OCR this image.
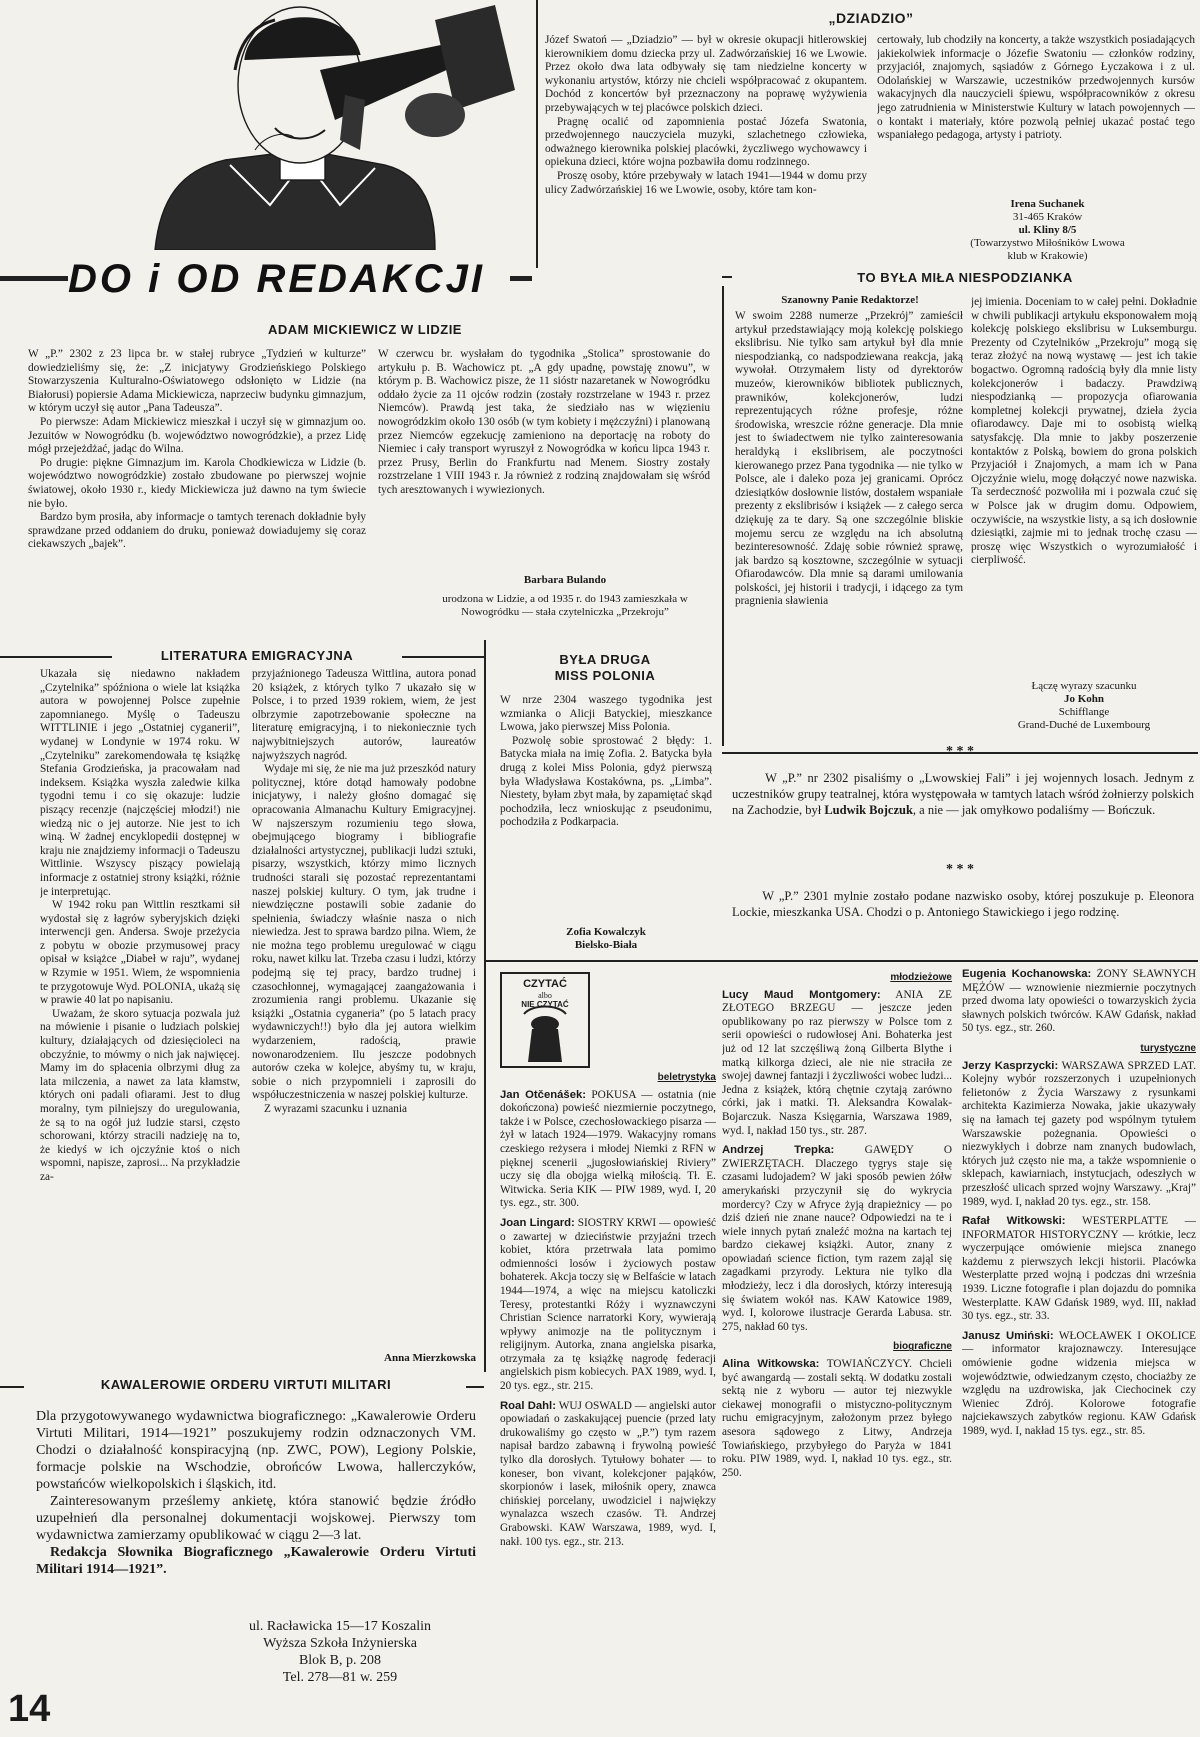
„DZIADZIO”

Józef Swatoń — „Dziadzio” — był w okresie okupacji hitlerowskiej kierownikiem domu dziecka przy ul. Zadwórzańskiej 16 we Lwowie. Przez około dwa lata odbywały się tam niedzielne koncerty w wykonaniu artystów, którzy nie chcieli współpracować z okupantem. Dochód z koncertów był przeznaczony na poprawę wyżywienia przebywających w tej placówce polskich dzieci.

Pragnę ocalić od zapomnienia postać Józefa Swatonia, przedwojennego nauczyciela muzyki, szlachetnego człowieka, odważnego kierownika polskiej placówki, życzliwego wychowawcy i opiekuna dzieci, które wojna pozbawiła domu rodzinnego.

Proszę osoby, które przebywały w latach 1941—1944 w domu przy ulicy Zadwórzańskiej 16 we Lwowie, osoby, które tam kon-

certowały, lub chodziły na koncerty, a także wszystkich posiadających jakiekolwiek informacje o Józefie Swatoniu — członków rodziny, przyjaciół, znajomych, sąsiadów z Górnego Łyczakowa i z ul. Odolańskiej w Warszawie, uczestników przedwojennych kursów wakacyjnych dla nauczycieli śpiewu, współpracowników z okresu jego zatrudnienia w Ministerstwie Kultury w latach powojennych — o kontakt i materiały, które pozwolą pełniej ukazać postać tego wspaniałego pedagoga, artysty i patrioty.

Irena Suchanek
31-465 Kraków
ul. Kliny 8/5
(Towarzystwo Miłośników Lwowa
klub w Krakowie)
DO i OD REDAKCJI	TO BYŁA MIŁA NIESPODZIANKA
Szanowny Panie Redaktorze!

W swoim 2288 numerze „Przekrój” zamieścił artykuł przedstawiający moją kolekcję polskiego ekslibrisu. Nie tylko sam artykuł był dla mnie niespodzianką, co nadspodziewana reakcja, jaką wywołał. Otrzymałem listy od dyrektorów muzeów, kierowników bibliotek publicznych, prawników, kolekcjonerów, ludzi reprezentujących różne profesje, różne środowiska, wreszcie różne generacje. Dla mnie jest to świadectwem nie tylko zainteresowania heraldyką i ekslibrisem, ale poczytności kierowanego przez Pana tygodnika — nie tylko w Polsce, ale i daleko poza jej granicami. Oprócz dziesiątków dosłownie listów, dostałem wspaniałe prezenty z ekslibrisów i książek — z całego serca dziękuję za te dary. Są one szczególnie bliskie mojemu sercu ze względu na ich absolutną bezinteresowność. Zdaję sobie również sprawę, jak bardzo są kosztowne, szczególnie w sytuacji Ofiarodawców. Dla mnie są darami umilowania polskości, jej historii i tradycji, i idącego za tym pragnienia sławienia

jej imienia. Doceniam to w całej pełni. Dokładnie w chwili publikacji artykułu eksponowałem moją kolekcję polskiego ekslibrisu w Luksemburgu. Prezenty od Czytelników „Przekroju” mogą się teraz złożyć na nową wystawę — jest ich takie bogactwo. Ogromną radością były dla mnie listy kolekcjonerów i badaczy. Prawdziwą niespodzianką — propozycja ofiarowania kompletnej kolekcji prywatnej, dzieła życia ofiarodawcy. Daje mi to osobistą wielką satysfakcję. Dla mnie to jakby poszerzenie kontaktów z Polską, bowiem do grona polskich Przyjaciół i Znajomych, a mam ich w Pana Ojczyźnie wielu, mogę dołączyć nowe nazwiska. Ta serdeczność pozwoliła mi i pozwala czuć się w Polsce jak w drugim domu. Odpowiem, oczywiście, na wszystkie listy, a są ich dosłownie dziesiątki, zajmie mi to jednak trochę czasu — proszę więc Wszystkich o wyrozumiałość i cierpliwość.

Łączę wyrazy szacunku
Jo Kohn
Schifflange
Grand-Duché de Luxembourg
ADAM MICKIEWICZ W LIDZIE

W „P.” 2302 z 23 lipca br. w stałej rubryce „Tydzień w kulturze” dowiedzieliśmy się, że: „Z inicjatywy Grodzieńskiego Polskiego Stowarzyszenia Kulturalno-Oświatowego odsłonięto w Lidzie (na Białorusi) popiersie Adama Mickiewicza, naprzeciw budynku gimnazjum, w którym uczył się autor „Pana Tadeusza”.

Po pierwsze: Adam Mickiewicz mieszkał i uczył się w gimnazjum oo. Jezuitów w Nowogródku (b. województwo nowogródzkie), a przez Lidę mógł przejeżdżać, jadąc do Wilna.

Po drugie: piękne Gimnazjum im. Karola Chodkiewicza w Lidzie (b. województwo nowogródzkie) zostało zbudowane po pierwszej wojnie światowej, około 1930 r., kiedy Mickiewicza już dawno na tym świecie nie było.

Bardzo bym prosiła, aby informacje o tamtych terenach dokładnie były sprawdzane przed oddaniem do druku, ponieważ dowiadujemy się coraz ciekawszych „bajek”.

W czerwcu br. wysłałam do tygodnika „Stolica” sprostowanie do artykułu p. B. Wachowicz pt. „A gdy upadnę, powstaję znowu”, w którym p. B. Wachowicz pisze, że 11 sióstr nazaretanek w Nowogródku oddało życie za 11 ojców rodzin (zostały rozstrzelane w 1943 r. przez Niemców). Prawdą jest taka, że siedziało nas w więzieniu nowogródzkim około 130 osób (w tym kobiety i mężczyźni) i planowaną przez Niemców egzekucję zamieniono na deportację na roboty do Niemiec i cały transport wyruszył z Nowogródka w końcu lipca 1943 r. przez Prusy, Berlin do Frankfurtu nad Menem. Siostry zostały rozstrzelane 1 VIII 1943 r. Ja również z rodziną znajdowałam się wśród tych aresztowanych i wywiezionych.

Barbara Bulando
urodzona w Lidzie, a od 1935 r. do 1943 zamieszkała w Nowogródku — stała czytelniczka „Przekroju”
* * *
W „P.” nr 2302 pisaliśmy o „Lwowskiej Fali” i jej wojennych losach. Jednym z uczestników grupy teatralnej, która występowała w tamtych latach wśród żołnierzy polskich na Zachodzie, był Ludwik Bojczuk, a nie — jak omyłkowo podaliśmy — Bończuk.
* * *
W „P.” 2301 mylnie zostało podane nazwisko osoby, której poszukuje p. Eleonora Lockie, mieszkanka USA. Chodzi o p. Antoniego Stawickiego i jego rodzinę.
LITERATURA EMIGRACYJNA

Ukazała się niedawno nakładem „Czytelnika” spóźniona o wiele lat książka autora w powojennej Polsce zupełnie zapomnianego. Myślę o Tadeuszu WITTLINIE i jego „Ostatniej cyganerii”, wydanej w Londynie w 1974 roku. W „Czytelniku” zarekomendowała tę książkę Stefania Grodzieńska, ja pracowałam nad indeksem. Książka wyszła zaledwie kilka tygodni temu i co się okazuje: ludzie piszący recenzje (najczęściej młodzi!) nie wiedzą nic o jej autorze. Nie jest to ich winą. W żadnej encyklopedii dostępnej w kraju nie znajdziemy informacji o Tadeuszu Wittlinie. Wszyscy piszący powielają informacje z ostatniej strony książki, różnie je interpretując.

W 1942 roku pan Wittlin resztkami sił wydostał się z łagrów syberyjskich dzięki interwencji gen. Andersa. Swoje przeżycia z pobytu w obozie przymusowej pracy opisał w książce „Diabeł w raju”, wydanej w Rzymie w 1951. Wiem, że wspomnienia te przygotowuje Wyd. POLONIA, ukażą się w prawie 40 lat po napisaniu.

Uważam, że skoro sytuacja pozwala już na mówienie i pisanie o ludziach polskiej kultury, działających od dziesięcioleci na obczyźnie, to mówmy o nich jak najwięcej. Mamy im do spłacenia olbrzymi dług za lata milczenia, a nawet za lata kłamstw, których oni padali ofiarami. Jest to dług moralny, tym pilniejszy do uregulowania, że są to na ogół już ludzie starsi, często schorowani, którzy stracili nadzieję na to, że kiedyś w ich ojczyźnie ktoś o nich wspomni, napisze, zaprosi... Na przykładzie za-

przyjaźnionego Tadeusza Wittlina, autora ponad 20 książek, z których tylko 7 ukazało się w Polsce, i to przed 1939 rokiem, wiem, że jest olbrzymie zapotrzebowanie społeczne na literaturę emigracyjną, i to niekoniecznie tych najwybitniejszych autorów, laureatów najwyższych nagród.

Wydaje mi się, że nie ma już przeszkód natury politycznej, które dotąd hamowały podobne inicjatywy, i należy głośno domagać się opracowania Almanachu Kultury Emigracyjnej. W najszerszym rozumieniu tego słowa, obejmującego biogramy i bibliografie działalności artystycznej, publikacji ludzi sztuki, pisarzy, wszystkich, którzy mimo licznych trudności starali się pozostać reprezentantami naszej polskiej kultury. O tym, jak trudne i niewdzięczne postawili sobie zadanie do spełnienia, świadczy właśnie nasza o nich niewiedza. Jest to sprawa bardzo pilna. Wiem, że nie można tego problemu uregulować w ciągu roku, nawet kilku lat. Trzeba czasu i ludzi, którzy podejmą się tej pracy, bardzo trudnej i czasochłonnej, wymagającej zaangażowania i zrozumienia rangi problemu. Ukazanie się książki „Ostatnia cyganeria” (po 5 latach pracy wydawniczych!!) było dla jej autora wielkim wydarzeniem, radością, prawie nowonarodzeniem. Ilu jeszcze podobnych autorów czeka w kolejce, abyśmy tu, w kraju, sobie o nich przypomnieli i zaprosili do współuczestniczenia w naszej polskiej kulturze.

Z wyrazami szacunku i uznania

Anna Mierzkowska
BYŁA DRUGA
MISS POLONIA

W nrze 2304 waszego tygodnika jest wzmianka o Alicji Batyckiej, mieszkance Lwowa, jako pierwszej Miss Polonia.

Pozwolę sobie sprostować 2 błędy: 1. Batycka miała na imię Zofia. 2. Batycka była drugą z kolei Miss Polonia, gdyż pierwszą była Władysława Kostakówna, ps. „Limba”. Niestety, byłam zbyt mała, by zapamiętać skąd pochodziła, lecz wnioskując z pseudonimu, pochodziła z Podkarpacia.

Zofia Kowalczyk
Bielsko-Biała
KAWALEROWIE ORDERU VIRTUTI MILITARI

Dla przygotowywanego wydawnictwa biograficznego: „Kawalerowie Orderu Virtuti Militari, 1914—1921” poszukujemy rodzin odznaczonych VM. Chodzi o działalność konspiracyjną (np. ZWC, POW), Legiony Polskie, formacje polskie na Wschodzie, obrońców Lwowa, hallerczyków, powstańców wielkopolskich i śląskich, itd.

Zainteresowanym prześlemy ankietę, która stanowić będzie źródło uzupełnień dla personalnej dokumentacji wojskowej. Pierwszy tom wydawnictwa zamierzamy opublikować w ciągu 2—3 lat.

Redakcja Słownika Biograficznego „Kawalerowie Orderu Virtuti Militari 1914—1921”.

ul. Racławicka 15—17 Koszalin
Wyższa Szkoła Inżynierska
Blok B, p. 208
Tel. 278—81 w. 259
14
CZYTAĆ
albo
NIE CZYTAĆ
beletrystyka

Jan Otčenášek: POKUSA — ostatnia (nie dokończona) powieść niezmiernie poczytnego, także i w Polsce, czechosłowackiego pisarza — żył w latach 1924—1979. Wakacyjny romans czeskiego reżysera i młodej Niemki z RFN w pięknej scenerii „jugosłowiańskiej Riviery” uczy się dla obojga wielką miłością. Tł. E. Witwicka. Seria KIK — PIW 1989, wyd. I, 20 tys. egz., str. 300.

Joan Lingard: SIOSTRY KRWI — opowieść o zawartej w dzieciństwie przyjaźni trzech kobiet, która przetrwała lata pomimo odmienności losów i życiowych postaw bohaterek. Akcja toczy się w Belfaście w latach 1944—1974, a więc na miejscu katoliczki Teresy, protestantki Róży i wyznawczyni Christian Science narratorki Kory, wywierają wpływy animozje na tle politycznym i religijnym. Autorka, znana angielska pisarka, otrzymała za tę książkę nagrodę federacji angielskich pism kobiecych. PAX 1989, wyd. I, 20 tys. egz., str. 215.

Roal Dahl: WUJ OSWALD — angielski autor opowiadań o zaskakującej puencie (przed laty drukowaliśmy go często w „P.”) tym razem napisał bardzo zabawną i frywolną powieść tylko dla dorosłych. Tytułowy bohater — to koneser, bon vivant, kolekcjoner pająków, skorpionów i lasek, miłośnik opery, znawca chińskiej porcelany, uwodziciel i najwiękzy wynalazca wszech czasów. Tł. Andrzej Grabowski. KAW Warszawa, 1989, wyd. I, nakł. 100 tys. egz., str. 213.

młodzieżowe

Lucy Maud Montgomery: ANIA ZE ZŁOTEGO BRZEGU — jeszcze jeden opublikowany po raz pierwszy w Polsce tom z serii opowieści o rudowłosej Ani. Bohaterka jest już od 12 lat szczęśliwą żoną Gilberta Blythe i matką kilkorga dzieci, ale nie nie straciła ze swojej dawnej fantazji i życzliwości wobec ludzi... Jedna z książek, którą chętnie czytają zarówno córki, jak i matki. Tł. Aleksandra Kowalak-Bojarczuk. Nasza Księgarnia, Warszawa 1989, wyd. I, nakład 150 tys., str. 287.

Andrzej Trepka:	GAWĘDY O ZWIERZĘTACH. Dlaczego tygrys staje się czasami ludojadem? W jaki sposób pewien żółw amerykański przyczynił się do wykrycia mordercy? Czy w Afryce żyją drapieżnicy — po dziś dzień nie znane nauce? Odpowiedzi na te i wiele innych pytań znaleźć można na kartach tej bardzo ciekawej książki. Autor, znany z opowiadań science fiction, tym razem zająl się zagadkami przyrody. Lektura nie tylko dla młodzieży, lecz i dla dorosłych, którzy interesują się światem wokół nas. KAW Katowice 1989, wyd. I, kolorowe ilustracje Gerarda Labusa. str. 275, nakład 60 tys.

biograficzne

Alina Witkowska: TOWIAŃCZYCY. Chcieli być awangardą — zostali sektą. W dodatku zostali sektą nie z wyboru — autor tej niezwykle ciekawej monografii o mistyczno-politycznym ruchu emigracyjnym, założonym przez byłego asesora sądowego z Litwy, Andrzeja Towiańskiego, przybyłego do Paryża w 1841 roku. PIW 1989, wyd. I, nakład 10 tys. egz., str. 250.

Eugenia Kochanowska: ŻONY SŁAWNYCH MĘŻÓW — wznowienie niezmiernie poczytnych przed dwoma laty opowieści o towarzyskich życia sławnych polskich twórców. KAW Gdańsk, nakład 50 tys. egz., str. 260.

turystyczne

Jerzy Kasprzycki: WARSZAWA SPRZED LAT. Kolejny wybór rozszerzonych i uzupełnionych felietonów z Życia Warszawy z rysunkami architekta Kazimierza Nowaka, jakie ukazywały się na łamach tej gazety pod wspólnym tytułem Warszawskie pożegnania. Opowieści o niezwykłych i dobrze nam znanych budowlach, których już często nie ma, a także wspomnienie o sklepach, kawiarniach, instytucjach, odeszłych w przeszłość ulicach sprzed wojny Warszawy. „Kraj” 1989, wyd. I, nakład 20 tys. egz., str. 158.

Rafał Witkowski: WESTERPLATTE — INFORMATOR HISTORYCZNY — krótkie, lecz wyczerpujące omówienie miejsca znanego każdemu z pierwszych lekcji historii. Placówka Westerplatte przed wojną i podczas dni września 1939. Liczne fotografie i plan dojazdu do pomnika Westerplatte. KAW Gdańsk 1989, wyd. III, nakład 30 tys. egz., str. 33.

Janusz Umiński: WŁOCŁAWEK I OKOLICE — informator krajoznawczy. Interesujące omówienie godne widzenia miejsca w województwie, odwiedzanym często, chociażby ze względu na uzdrowiska, jak Ciechocinek czy Wieniec Zdrój. Kolorowe fotografie najciekawszych zabytków regionu. KAW Gdańsk 1989, wyd. I, nakład 15 tys. egz., str. 85.
